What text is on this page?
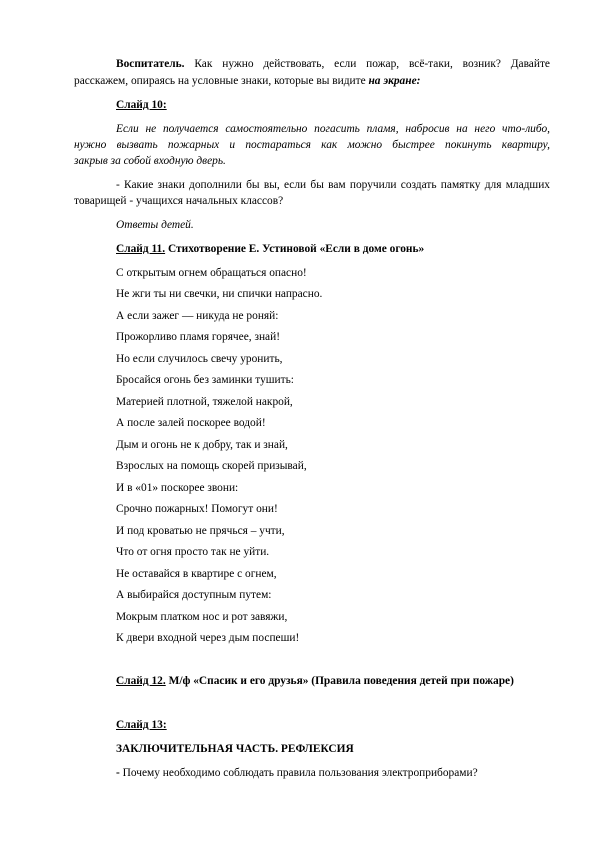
Воспитатель. Как нужно действовать, если пожар, всё-таки, возник? Давайте

расскажем, опираясь на условные знаки, которые вы видите на экране:

Слайд 10:

Если не получается самостоятельно погасить пламя, набросив на него что-либо,

нужно вызвать пожарных и постараться как можно быстрее покинуть квартиру,

закрыв за собой входную дверь.

- Какие знаки дополнили бы вы, если бы вам поручили создать памятку для младших

товарищей - учащихся начальных классов?

Ответы детей.

Слайд 11. Стихотворение Е. Устиновой «Если в доме огонь»

С открытым огнем обращаться опасно!

Не жги ты ни свечки, ни спички напрасно.

А если зажег — никуда не роняй:

Прожорливо пламя горячее, знай!

Но если случилось свечу уронить,

Бросайся огонь без заминки тушить:

Материей плотной, тяжелой накрой,

А после залей поскорее водой!

Дым и огонь не к добру, так и знай,

Взрослых на помощь скорей призывай,

И в «01» поскорее звони:

Срочно пожарных! Помогут они!

И под кроватью не прячься – учти,

Что от огня просто так не уйти.

Не оставайся в квартире с огнем,

А выбирайся доступным путем:

Мокрым платком нос и рот завяжи,

К двери входной через дым поспеши!

Слайд 12. М/ф «Спасик и его друзья» (Правила поведения детей при пожаре)

Слайд 13:

ЗАКЛЮЧИТЕЛЬНАЯ ЧАСТЬ. РЕФЛЕКСИЯ

- Почему необходимо соблюдать правила пользования электроприборами?
